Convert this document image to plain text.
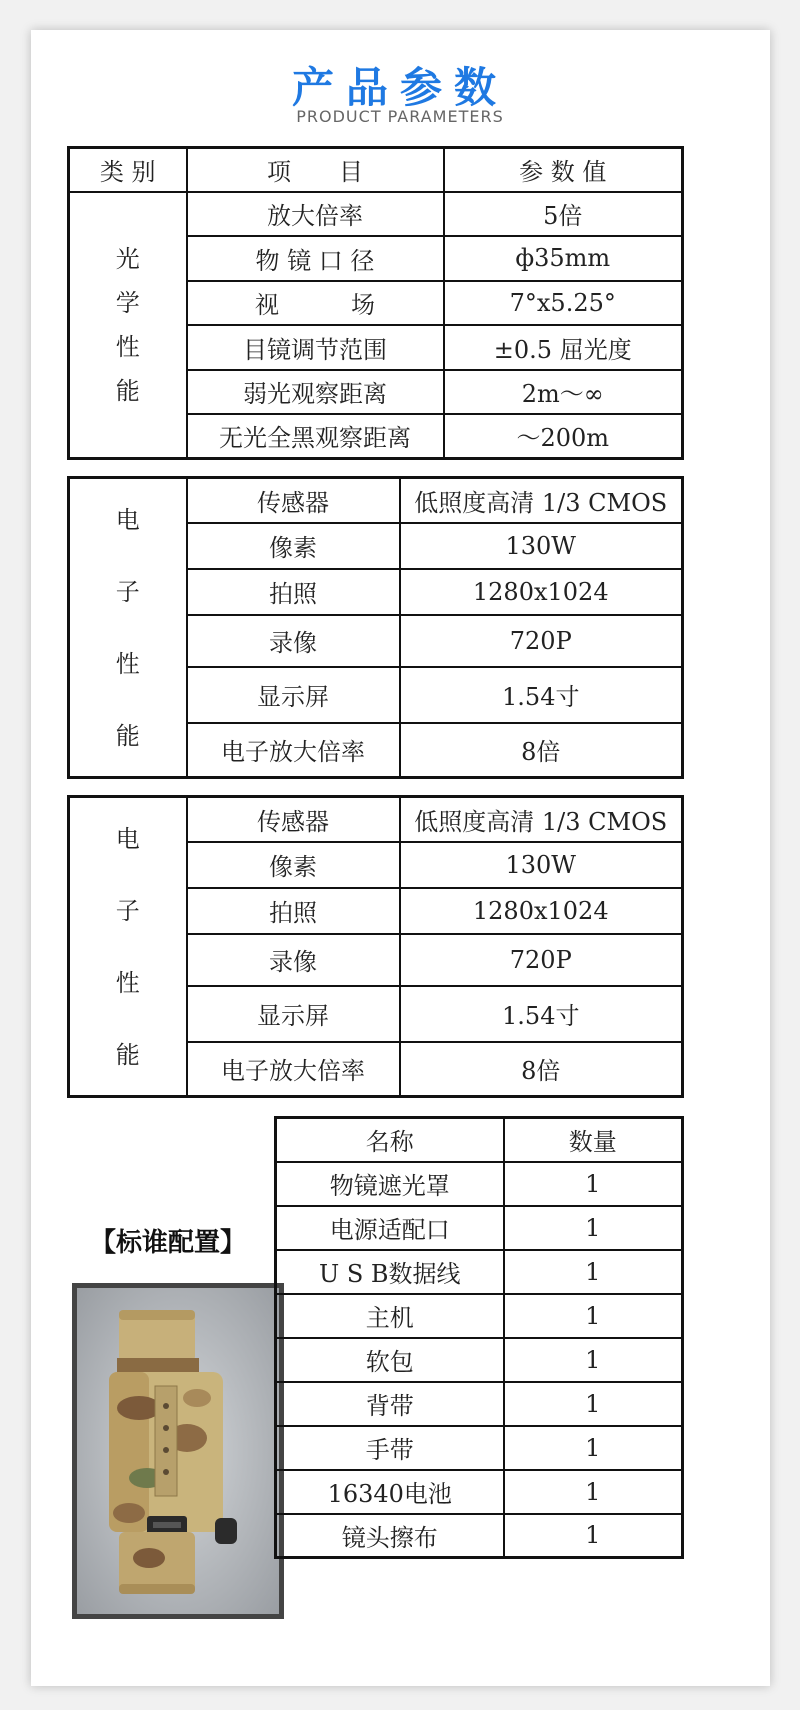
产品参数
PRODUCT PARAMETERS
类 别	项　　目	参 数 值

光
学
性
能	放大倍率	5倍
	物 镜 口 径	ф35mm
	视　　　场	7°x5.25°
	目镜调节范围	±0.5 屈光度
	弱光观察距离	2m～∞
	无光全黑观察距离	～200m
电
子
性
能	传感器	低照度高清 1/3 CMOS
	像素	130W
	拍照	1280x1024
	录像	720P
	显示屏	1.54寸
	电子放大倍率	8倍
电
子
性
能	传感器	低照度高清 1/3 CMOS
	像素	130W
	拍照	1280x1024
	录像	720P
	显示屏	1.54寸
	电子放大倍率	8倍
【标谁配置】
名称	数量
物镜遮光罩	1
电源适配口	1
U S B数据线	1
主机	1
软包	1
背带	1
手带	1
16340电池	1
镜头擦布	1
